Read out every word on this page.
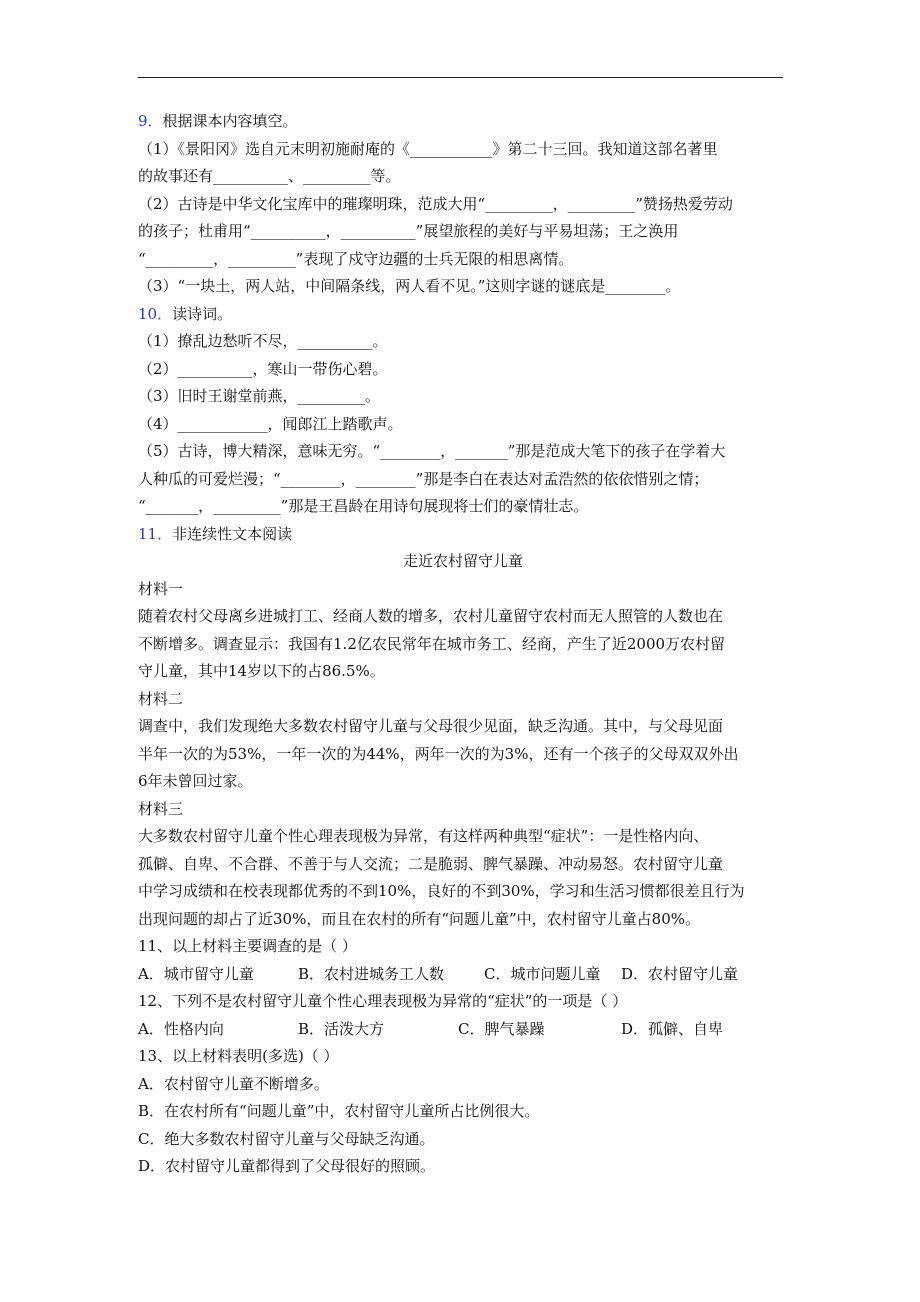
9．根据课本内容填空。
（1）《景阳冈》选自元末明初施耐庵的《___________》第二十三回。我知道这部名著里
的故事还有__________、_________等。
（2）古诗是中华文化宝库中的璀璨明珠，范成大用“_________，_________”赞扬热爱劳动
的孩子；杜甫用“__________，__________”展望旅程的美好与平易坦荡；王之涣用
“_________，_________”表现了戍守边疆的士兵无限的相思离情。
（3）“一块土，两人站，中间隔条线，两人看不见。”这则字谜的谜底是________。
10．读诗词。
（1）撩乱边愁听不尽，__________。
（2）__________，寒山一带伤心碧。
（3）旧时王谢堂前燕，_________。
（4）____________，闻郎江上踏歌声。
（5）古诗，博大精深，意味无穷。“________，_______”那是范成大笔下的孩子在学着大
人种瓜的可爱烂漫；“________，________”那是李白在表达对孟浩然的依依惜别之情；
“_______，_________”那是王昌龄在用诗句展现将士们的豪情壮志。
11．非连续性文本阅读
走近农村留守儿童
材料一
随着农村父母离乡进城打工、经商人数的增多，农村儿童留守农村而无人照管的人数也在
不断增多。调查显示：我国有1.2亿农民常年在城市务工、经商，产生了近2000万农村留
守儿童，其中14岁以下的占86.5%。
材料二
调查中，我们发现绝大多数农村留守儿童与父母很少见面，缺乏沟通。其中，与父母见面
半年一次的为53%，一年一次的为44%，两年一次的为3%，还有一个孩子的父母双双外出
6年未曾回过家。
材料三
大多数农村留守儿童个性心理表现极为异常，有这样两种典型“症状”：一是性格内向、
孤僻、自卑、不合群、不善于与人交流；二是脆弱、脾气暴躁、冲动易怒。农村留守儿童
中学习成绩和在校表现都优秀的不到10%，良好的不到30%，学习和生活习惯都很差且行为
出现问题的却占了近30%，而且在农村的所有“问题儿童”中，农村留守儿童占80%。
11、以上材料主要调查的是（ ）
A．城市留守儿童	B．农村进城务工人数	C．城市问题儿童	D．农村留守儿童
12、下列不是农村留守儿童个性心理表现极为异常的“症状”的一项是（ ）
A．性格内向	B．活泼大方	C．脾气暴躁	D．孤僻、自卑
13、以上材料表明(多选)（ ）
A．农村留守儿童不断增多。
B．在农村所有“问题儿童”中，农村留守儿童所占比例很大。
C．绝大多数农村留守儿童与父母缺乏沟通。
D．农村留守儿童都得到了父母很好的照顾。
